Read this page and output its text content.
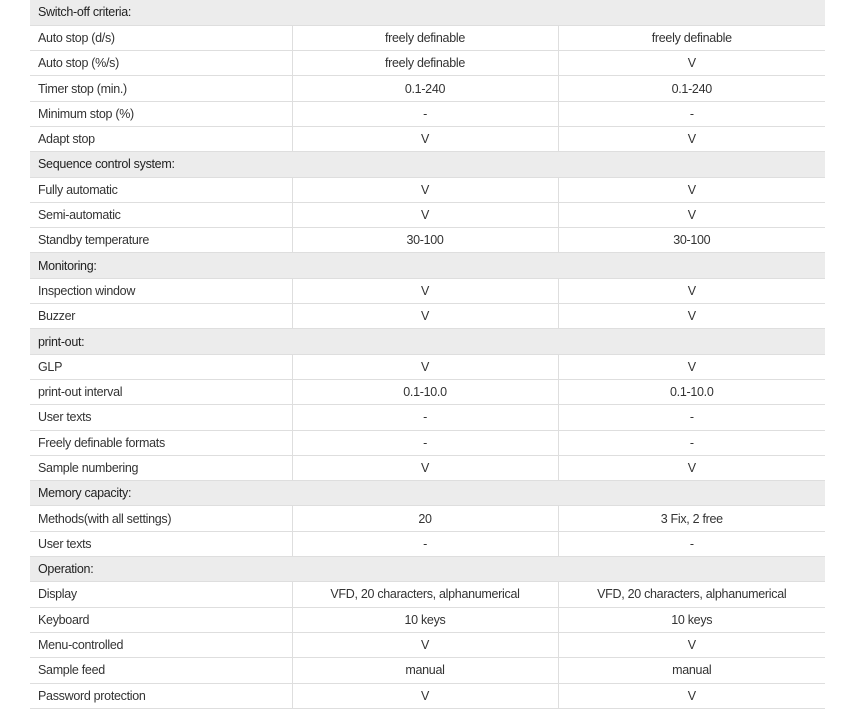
Switch-off criteria:		
Auto stop (d/s)	freely definable	freely definable
Auto stop (%/s)	freely definable	V
Timer stop (min.)	0.1-240	0.1-240
Minimum stop (%)	-	-
Adapt stop	V	V
Sequence control system:		
Fully automatic	V	V
Semi-automatic	V	V
Standby temperature	30-100	30-100
Monitoring:		
Inspection window	V	V
Buzzer	V	V
print-out:		
GLP	V	V
print-out interval	0.1-10.0	0.1-10.0
User texts	-	-
Freely definable formats	-	-
Sample numbering	V	V
Memory capacity:		
Methods(with all settings)	20	3 Fix, 2 free
User texts	-	-
Operation:		
Display	VFD, 20 characters, alphanumerical	VFD, 20 characters, alphanumerical
Keyboard	10 keys	10 keys
Menu-controlled	V	V
Sample feed	manual	manual
Password protection	V	V
